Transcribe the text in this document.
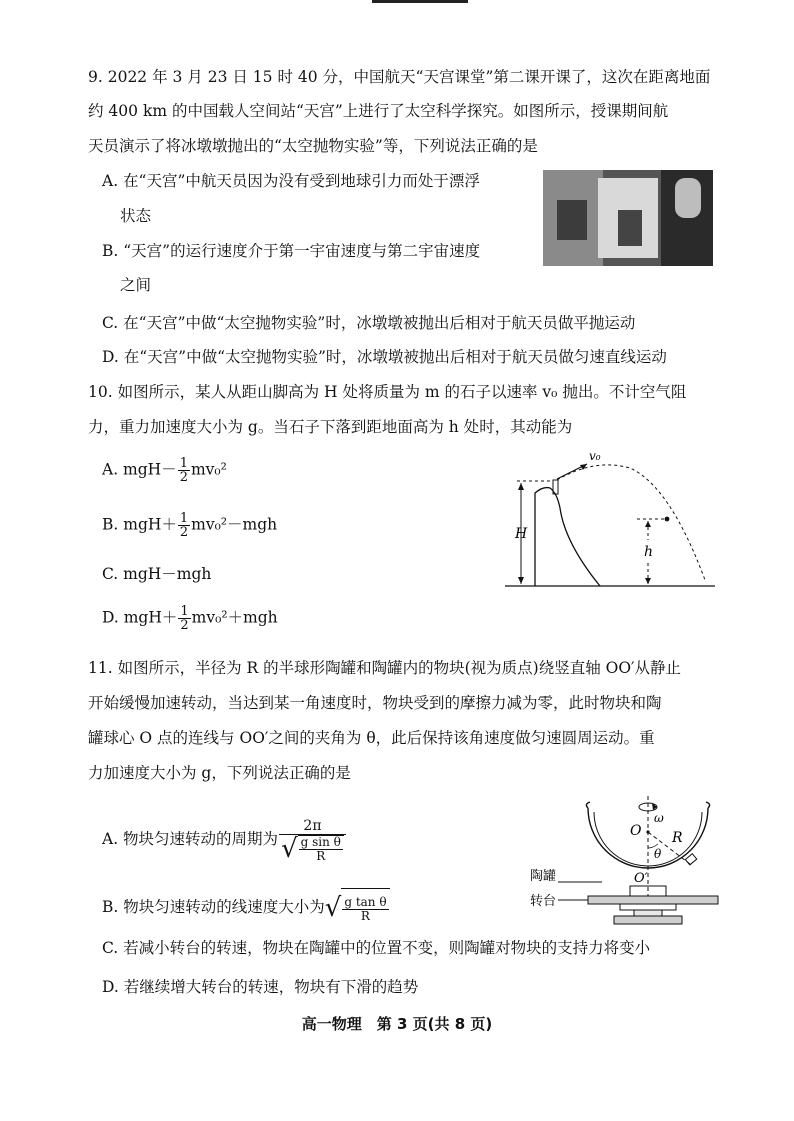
9. 2022 年 3 月 23 日 15 时 40 分，中国航天“天宫课堂”第二课开课了，这次在距离地面
约 400 km 的中国载人空间站“天宫”上进行了太空科学探究。如图所示，授课期间航
天员演示了将冰墩墩抛出的“太空抛物实验”等，下列说法正确的是
A. 在“天宫”中航天员因为没有受到地球引力而处于漂浮
状态
B. “天宫”的运行速度介于第一宇宙速度与第二宇宙速度
之间
C. 在“天宫”中做“太空抛物实验”时，冰墩墩被抛出后相对于航天员做平抛运动
D. 在“天宫”中做“太空抛物实验”时，冰墩墩被抛出后相对于航天员做匀速直线运动
10. 如图所示，某人从距山脚高为 H 处将质量为 m 的石子以速率 v₀ 抛出。不计空气阻
力，重力加速度大小为 g。当石子下落到距地面高为 h 处时，其动能为
A. $mgH- \frac{1}{2} mv_0^2$
B. $mgH+ \frac{1}{2} mv_0^2-mgh$
C. mgH－mgh
D. $mgH+ \frac{1}{2} mv_0^2+mgh$
H
v₀
h
11. 如图所示，半径为 R 的半球形陶罐和陶罐内的物块(视为质点)绕竖直轴 OO′从静止
开始缓慢加速转动，当达到某一角速度时，物块受到的摩擦力减为零，此时物块和陶
罐球心 O 点的连线与 OO′之间的夹角为 θ，此后保持该角速度做匀速圆周运动。重
力加速度大小为 g，下列说法正确的是
A. 物块匀速转动的周期为 $\frac{2\pi}{√ \frac{\text{g sin θ}}{R}}$
B. 物块匀速转动的线速度大小为 √ $\frac{\text{g tan θ}}{R}$
C. 若减小转台的转速，物块在陶罐中的位置不变，则陶罐对物块的支持力将变小
D. 若继续增大转台的转速，物块有下滑的趋势
ω
O R
θ
O′
陶罐
转台
高一物理　第 3 页(共 8 页)
